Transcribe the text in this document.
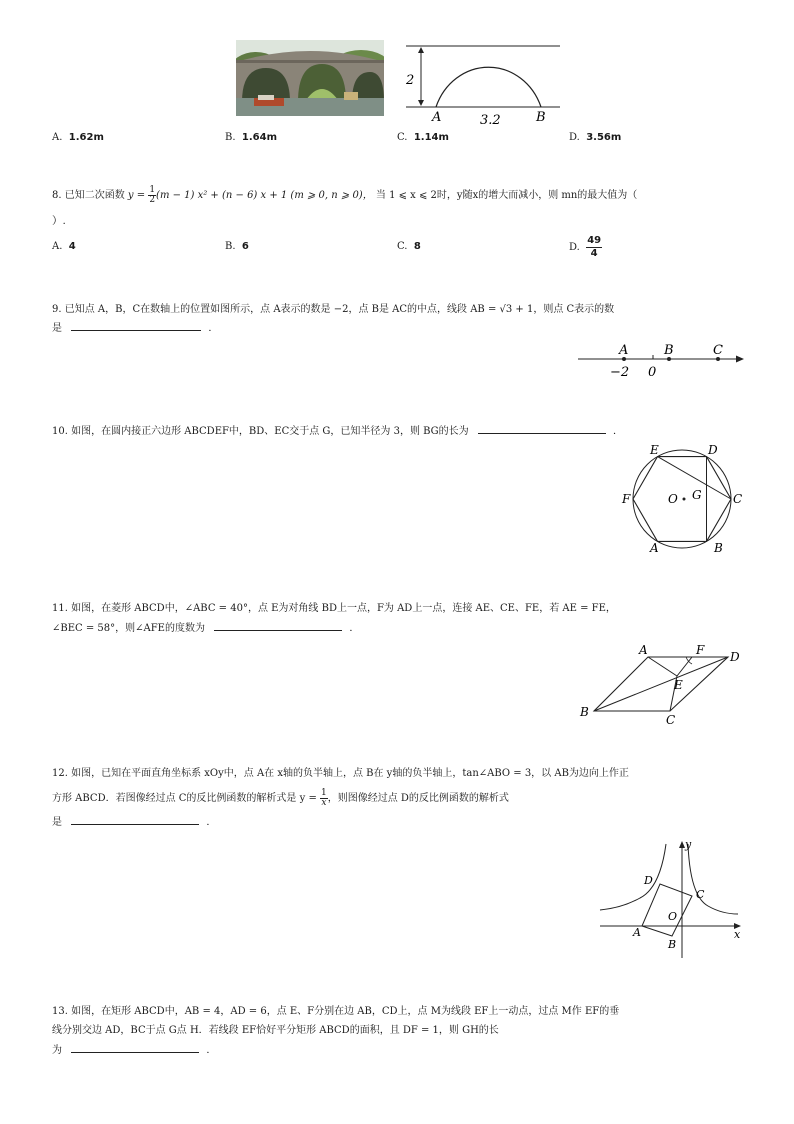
2
A	3.2	B
A. 1.62m	B. 1.64m	C. 1.14m	D. 3.56m
8. 已知二次函数 $y = \frac{1}{2} (m - 1) x^2 + (n - 6) x + 1$ (m ⩾ 0, n ⩾ 0)， 当 1 ⩽ x ⩽ 2时，y随x的增大而减小，则 mn的最大值为（
）.
A. 4	B. 6	C. 8	D. $\frac{49}{4}$
9. 已知点 A，B，C在数轴上的位置如图所示，点 A表示的数是 −2，点 B是 AC的中点，线段 AB = √3 + 1，则点 C表示的数
是	．
A	B	C
−2 0
10. 如图，在圆内接正六边形 ABCDEF中，BD、EC交于点 G，已知半径为 3，则 BG的长为	．
E	D
F	O G	C
A	B
11. 如图，在菱形 ABCD中，∠ABC = 40°，点 E为对角线 BD上一点，F为 AD上一点，连接 AE、CE、FE，若 AE = FE，
∠BEC = 58°，则∠AFE的度数为	．
A	F D
E
B
C
12. 如图，已知在平面直角坐标系 xOy中，点 A在 x轴的负半轴上，点 B在 y轴的负半轴上，tan∠ABO = 3，以 AB为边向上作正
方形 ABCD．若图像经过点 C的反比例函数的解析式是 $y = \frac{1}{x}$ ，则图像经过点 D的反比例函数的解析式
是	．
y
x
D
C
O
A
B
13. 如图，在矩形 ABCD中，AB = 4，AD = 6，点 E、F分别在边 AB，CD上，点 M为线段 EF上一动点，过点 M作 EF的垂
线分别交边 AD，BC于点 G点 H．若线段 EF恰好平分矩形 ABCD的面积，且 DF = 1，则 GH的长
为	．
